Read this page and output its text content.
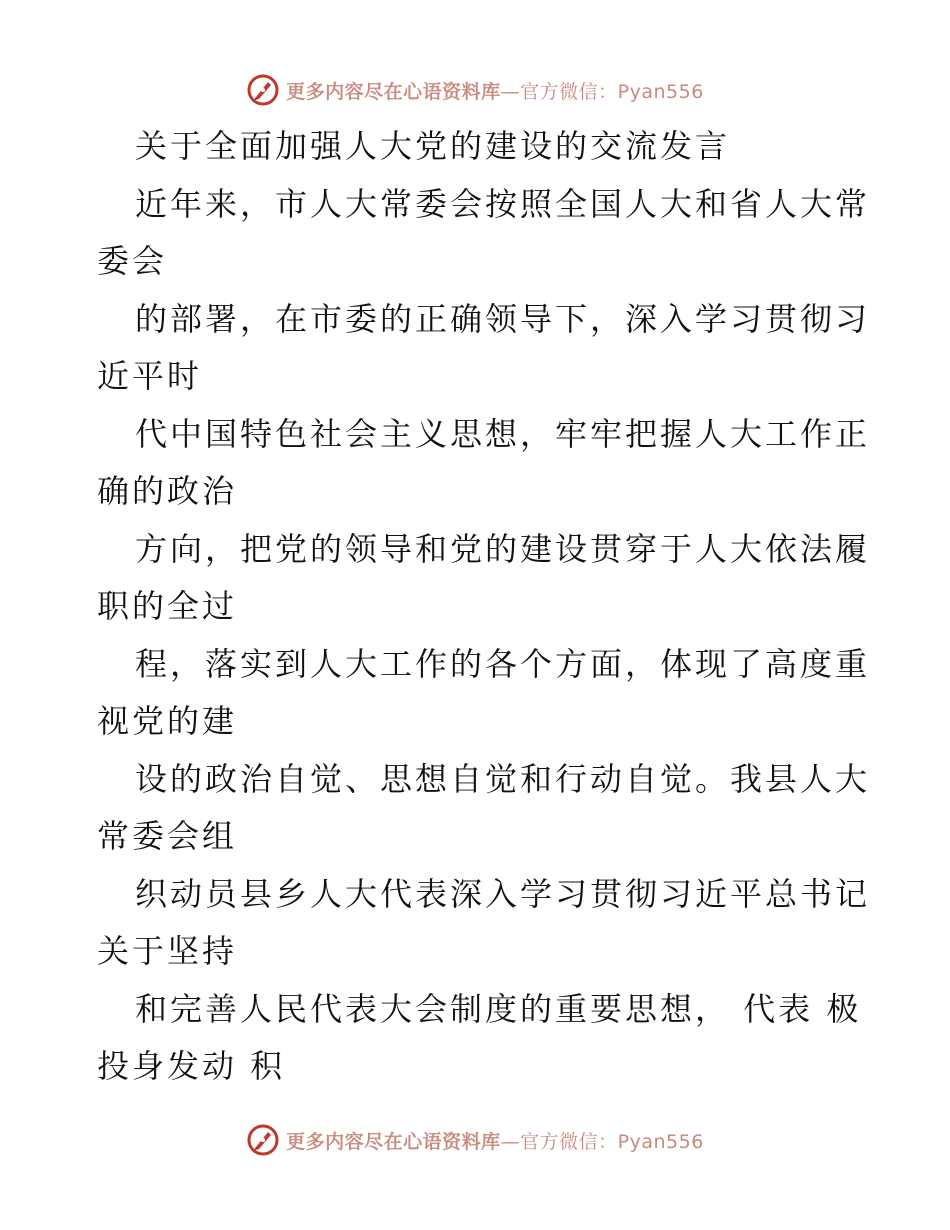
更多内容尽在心语资料库—官方微信：Pyan556
关于全面加强人大党的建设的交流发言
近年来，市人大常委会按照全国人大和省人大常
委会
的部署，在市委的正确领导下，深入学习贯彻习
近平时
代中国特色社会主义思想，牢牢把握人大工作正
确的政治
方向，把党的领导和党的建设贯穿于人大依法履
职的全过
程，落实到人大工作的各个方面，体现了高度重
视党的建
设的政治自觉、思想自觉和行动自觉。我县人大
常委会组
织动员县乡人大代表深入学习贯彻习近平总书记
关于坚持
和完善人民代表大会制度的重要思想， 代表 极
投身发动 积
更多内容尽在心语资料库—官方微信：Pyan556
